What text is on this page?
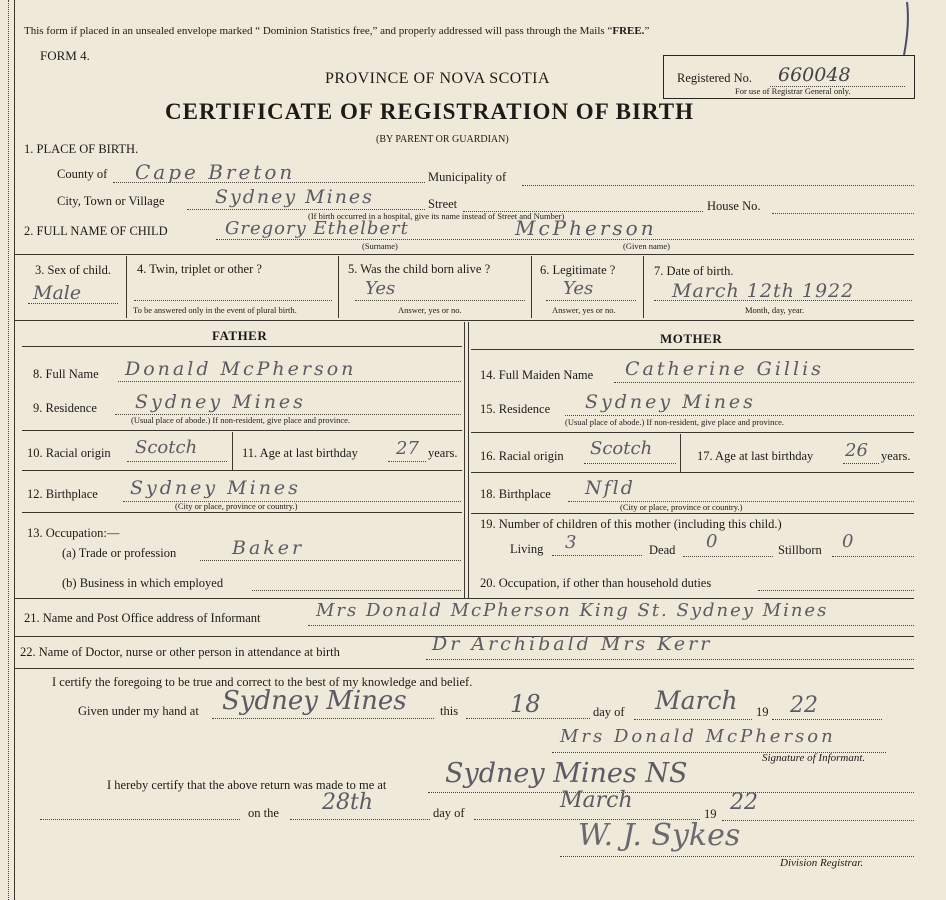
This form if placed in an unsealed envelope marked “ Dominion Statistics free,” and properly addressed will pass through the Mails “FREE.”
FORM 4.
PROVINCE OF NOVA SCOTIA
CERTIFICATE OF REGISTRATION OF BIRTH
(BY PARENT OR GUARDIAN)
Registered No. 660048
For use of Registrar General only.
1. PLACE OF BIRTH.
County of Cape Breton	Municipality of
City, Town or Village	Sydney Mines	Street	House No.
(If birth occurred in a hospital, give its name instead of Street and Number)
2. FULL NAME OF CHILD	Gregory Ethelbert	McPherson
(Surname)	(Given name)
3. Sex of child.
Male
4. Twin, triplet or other ?
To be answered only in the event of plural birth.
5. Was the child born alive ?
Yes
Answer, yes or no.
6. Legitimate ?
Yes
Answer, yes or no.
7. Date of birth.
March 12th 1922
Month, day, year.
FATHER
8. Full Name Donald McPherson
9. Residence Sydney Mines
(Usual place of abode.) If non-resident, give place and province.
10. Racial origin Scotch	11. Age at last birthday 27 years.
12. Birthplace Sydney Mines
(City or place, province or country.)
13. Occupation:—
(a) Trade or profession	Baker
(b) Business in which employed
MOTHER
14. Full Maiden Name Catherine Gillis
15. Residence Sydney Mines
(Usual place of abode.) If non-resident, give place and province.
16. Racial origin Scotch	17. Age at last birthday 26 years.
18. Birthplace Nfld
(City or place, province or country.)
19. Number of children of this mother (including this child.)
Living 3	Dead 0	Stillborn 0
20. Occupation, if other than household duties
21. Name and Post Office address of Informant	Mrs Donald McPherson King St. Sydney Mines
22. Name of Doctor, nurse or other person in attendance at birth	Dr Archibald Mrs Kerr
I certify the foregoing to be true and correct to the best of my knowledge and belief.
Given under my hand at Sydney Mines	this 18	day of March 19 22
Mrs Donald McPherson
Signature of Informant.
I hereby certify that the above return was made to me at Sydney Mines NS
on the 28th	day of	March
19 22
W. J. Sykes
Division Registrar.
